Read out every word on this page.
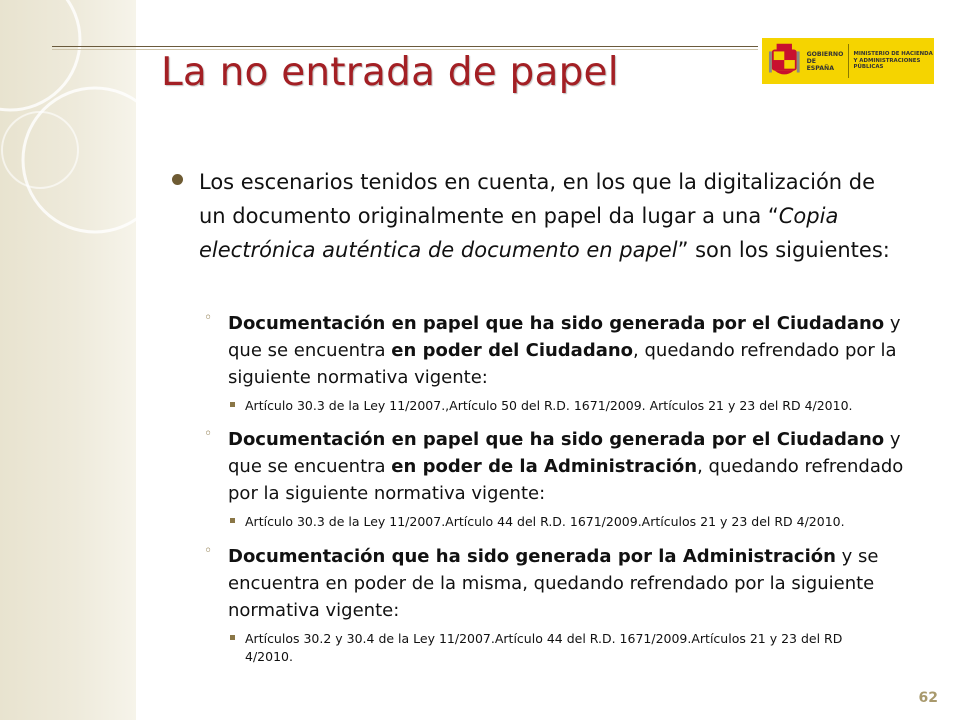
La no entrada de papel	GOBIERNO DE ESPAÑA
MINISTERIO DE HACIENDA Y ADMINISTRACIONES PÚBLICAS
Los escenarios tenidos en cuenta, en los que la digitalización de un documento originalmente en papel da lugar a una “Copia electrónica auténtica de documento en papel” son los siguientes:
◦ Documentación en papel que ha sido generada por el Ciudadano y que se encuentra en poder del Ciudadano, quedando refrendado por la siguiente normativa vigente:
Artículo 30.3 de la Ley 11/2007.,Artículo 50 del R.D. 1671/2009. Artículos 21 y 23 del RD 4/2010.
◦ Documentación en papel que ha sido generada por el Ciudadano y que se encuentra en poder de la Administración, quedando refrendado por la siguiente normativa vigente:
Artículo 30.3 de la Ley 11/2007.Artículo 44 del R.D. 1671/2009.Artículos 21 y 23 del RD 4/2010.
◦ Documentación que ha sido generada por la Administración y se encuentra en poder de la misma, quedando refrendado por la siguiente normativa vigente:
Artículos 30.2 y 30.4 de la Ley 11/2007.Artículo 44 del R.D. 1671/2009.Artículos 21 y 23 del RD 4/2010.
62
